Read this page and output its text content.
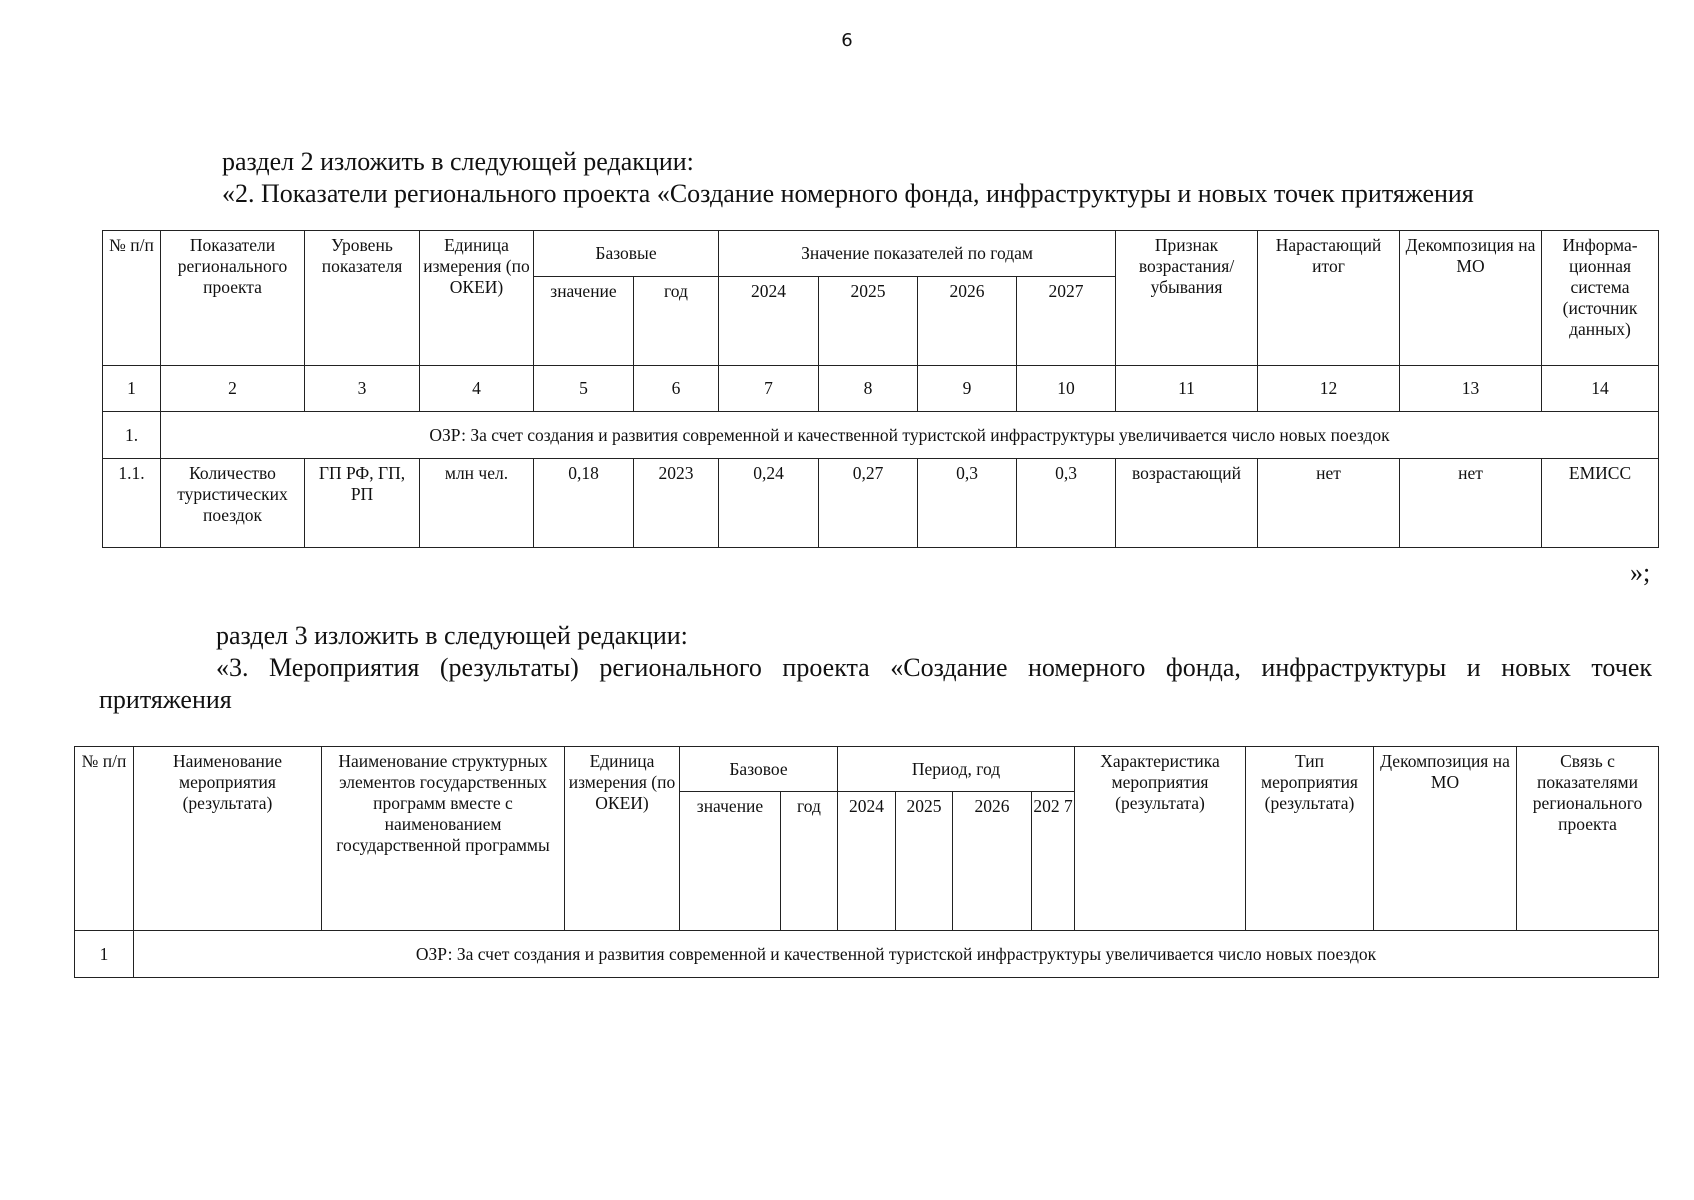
6
раздел 2 изложить в следующей редакции:
«2. Показатели регионального проекта «Создание номерного фонда, инфраструктуры и новых точек притяжения
№ п/п	Показатели регионального проекта	Уровень показателя	Единица измерения (по ОКЕИ)	Базовые		Значение показателей по годам				Признак возрастания/ убывания	Нарастающий итог	Декомпозиция на МО	Информа-ционная система (источник данных)
				значение	год	2024	2025	2026	2027				
1	2	3	4	5	6	7	8	9	10	11	12	13	14
1.	ОЗР: За счет создания и развития современной и качественной туристской инфраструктуры увеличивается число новых поездок												
1.1.	Количество туристических поездок	ГП РФ, ГП, РП	млн чел.	0,18	2023	0,24	0,27	0,3	0,3	возрастающий	нет	нет	ЕМИСС
»;
раздел 3 изложить в следующей редакции:
«3. Мероприятия (результаты) регионального проекта «Создание номерного фонда, инфраструктуры и новых точек
притяжения
№ п/п	Наименование мероприятия (результата)	Наименование структурных элементов государственных программ вместе с наименованием государственной программы	Единица измерения (по ОКЕИ)	Базовое		Период, год				Характеристика мероприятия (результата)	Тип мероприятия (результата)	Декомпозиция на МО	Связь с показателями регионального проекта
				значение	год	2024	2025	2026	202 7				
1	ОЗР: За счет создания и развития современной и качественной туристской инфраструктуры увеличивается число новых поездок												
